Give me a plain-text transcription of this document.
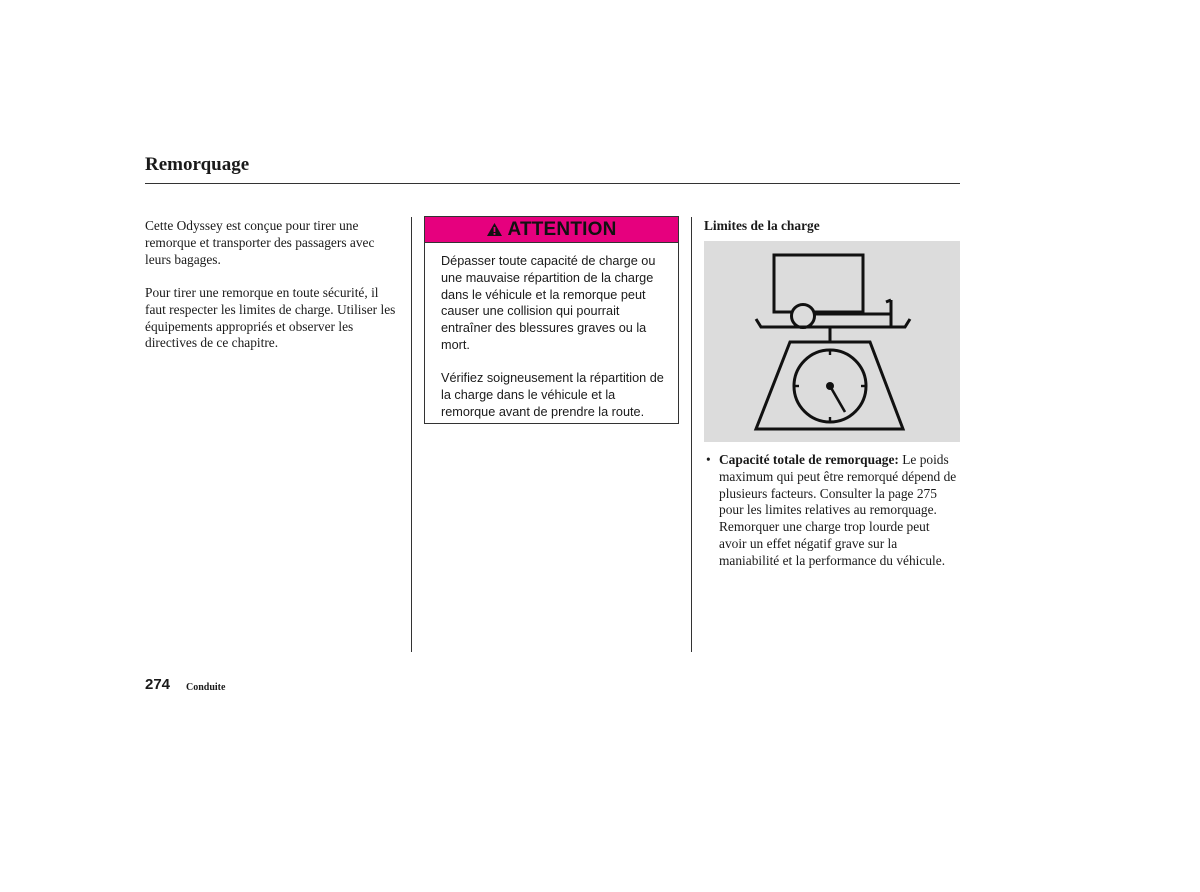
Remorquage

Cette Odyssey est conçue pour tirer une remorque et transporter des passagers avec leurs bagages.

Pour tirer une remorque en toute sécurité, il faut respecter les limites de charge. Utiliser les équipements appropriés et observer les directives de ce chapitre.

ATTENTION

Dépasser toute capacité de charge ou une mauvaise répartition de la charge dans le véhicule et la remorque peut causer une collision qui pourrait entraîner des blessures graves ou la mort.

Vérifiez soigneusement la répartition de la charge dans le véhicule et la remorque avant de prendre la route.

Limites de la charge
• Capacité totale de remorquage: Le poids maximum qui peut être remorqué dépend de plusieurs facteurs. Consulter la page 275 pour les limites relatives au remorquage. Remorquer une charge trop lourde peut avoir un effet négatif grave sur la maniabilité et la performance du véhicule.
274 Conduite
